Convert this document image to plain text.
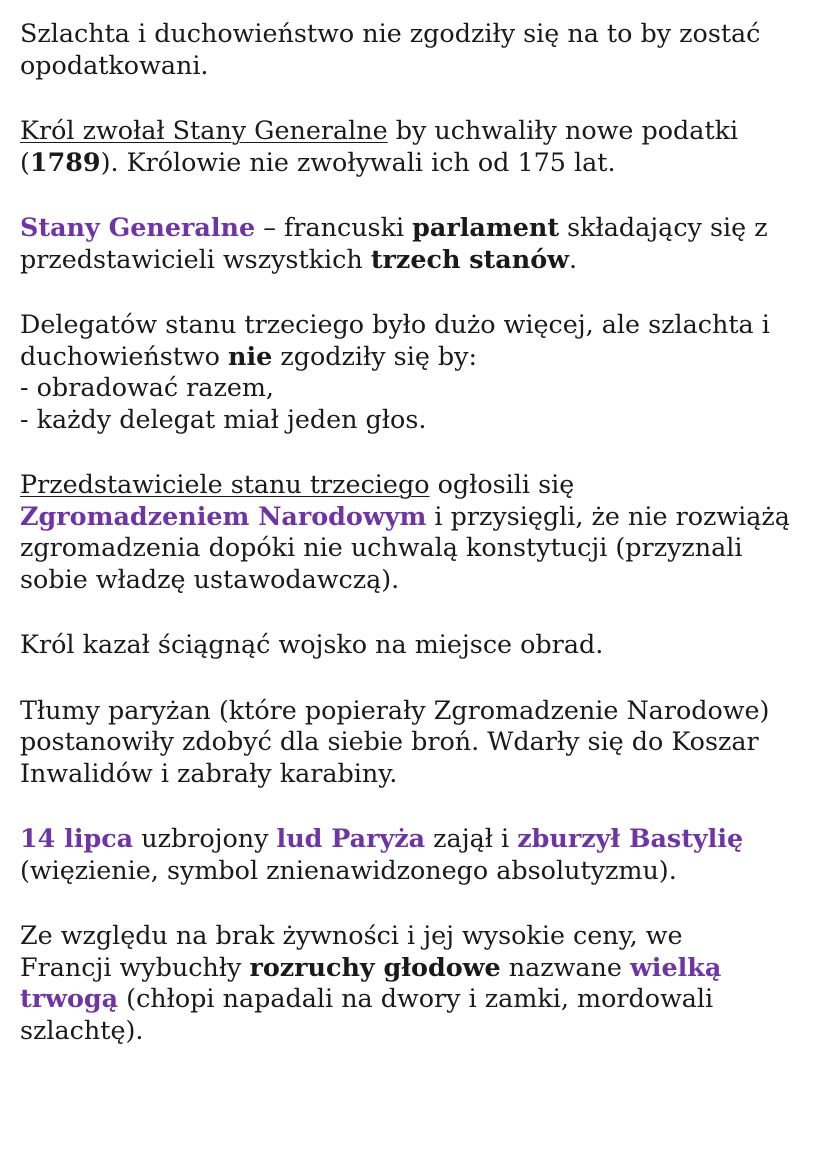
Szlachta i duchowieństwo nie zgodziły się na to by zostać
opodatkowani.

Król zwołał Stany Generalne by uchwaliły nowe podatki
(1789). Królowie nie zwoływali ich od 175 lat.

Stany Generalne – francuski parlament składający się z
przedstawicieli wszystkich trzech stanów.

Delegatów stanu trzeciego było dużo więcej, ale szlachta i
duchowieństwo nie zgodziły się by:
- obradować razem,
- każdy delegat miał jeden głos.

Przedstawiciele stanu trzeciego ogłosili się
Zgromadzeniem Narodowym i przysięgli, że nie rozwiążą
zgromadzenia dopóki nie uchwalą konstytucji (przyznali
sobie władzę ustawodawczą).

Król kazał ściągnąć wojsko na miejsce obrad.

Tłumy paryżan (które popierały Zgromadzenie Narodowe)
postanowiły zdobyć dla siebie broń. Wdarły się do Koszar
Inwalidów i zabrały karabiny.

14 lipca uzbrojony lud Paryża zajął i zburzył Bastylię
(więzienie, symbol znienawidzonego absolutyzmu).

Ze względu na brak żywności i jej wysokie ceny, we
Francji wybuchły rozruchy głodowe nazwane wielką
trwogą (chłopi napadali na dwory i zamki, mordowali
szlachtę).
